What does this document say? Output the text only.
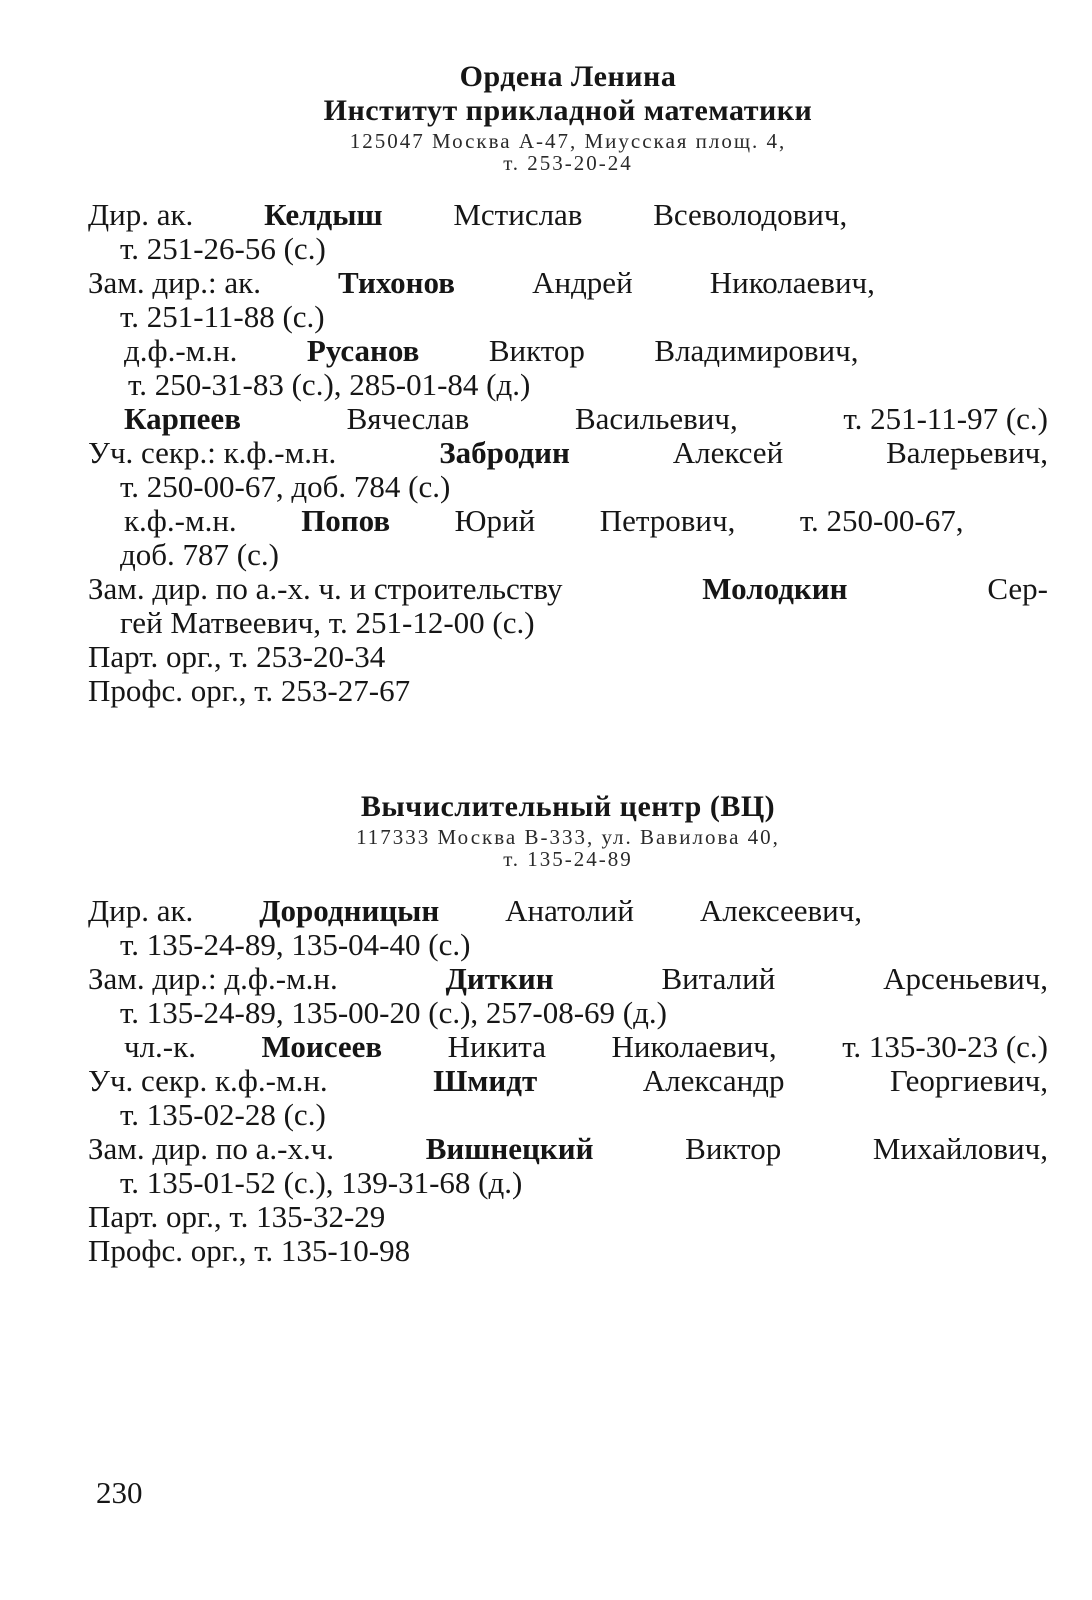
Ордена Ленина
Институт прикладной математики
125047 Москва А-47, Миусская площ. 4,
т. 253-20-24
Дир. ак. Келдыш Мстислав Всеволодович,
т. 251-26-56 (с.)
Зам. дир.: ак. Тихонов Андрей Николаевич,
т. 251-11-88 (с.)
д.ф.-м.н. Русанов Виктор Владимирович,
т. 250-31-83 (с.), 285-01-84 (д.)
Карпеев	Вячеслав	Васильевич,	т. 251-11-97 (с.)
Уч. секр.: к.ф.-м.н.	Забродин	Алексей	Валерьевич,
т. 250-00-67, доб. 784 (с.)
к.ф.-м.н. Попов Юрий Петрович, т. 250-00-67,
доб. 787 (с.)
Зам. дир. по а.-х. ч. и строительству	Молодкин	Сер-
гей Матвеевич, т. 251-12-00 (с.)
Парт. орг., т. 253-20-34
Профс. орг., т. 253-27-67
Вычислительный центр (ВЦ)
117333 Москва В-333, ул. Вавилова 40,
т. 135-24-89
Дир. ак. Дородницын Анатолий Алексеевич,
т. 135-24-89, 135-04-40 (с.)
Зам. дир.: д.ф.-м.н.	Диткин	Виталий	Арсеньевич,
т. 135-24-89, 135-00-20 (с.), 257-08-69 (д.)
чл.-к. Моисеев Никита Николаевич, т. 135-30-23 (с.)
Уч. секр. к.ф.-м.н.	Шмидт	Александр	Георгиевич,
т. 135-02-28 (с.)
Зам. дир. по а.-х.ч.	Вишнецкий	Виктор	Михайлович,
т. 135-01-52 (с.), 139-31-68 (д.)
Парт. орг., т. 135-32-29
Профс. орг., т. 135-10-98
230
